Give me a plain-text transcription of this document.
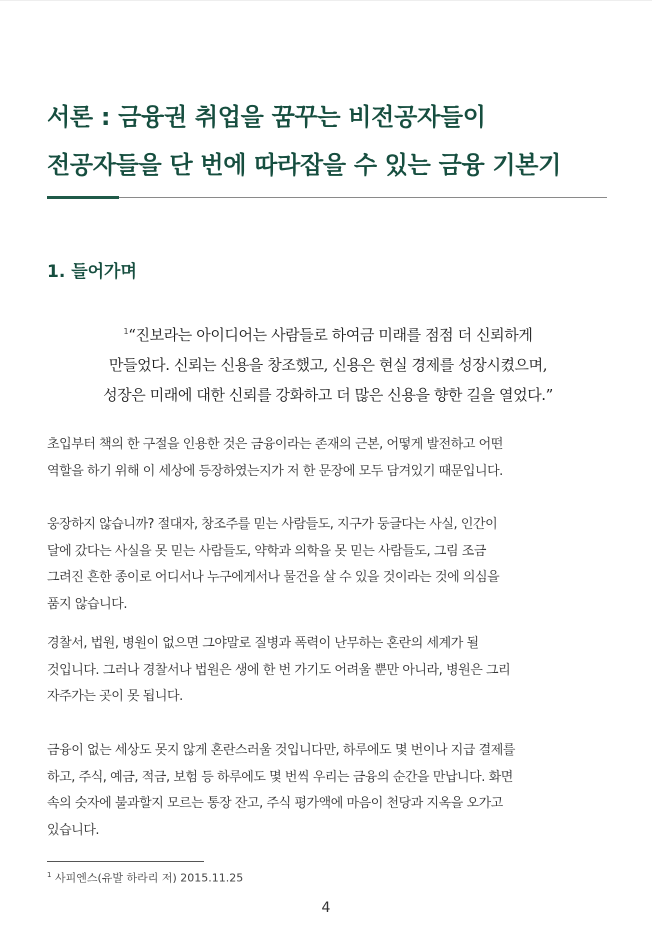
서론 : 금융권 취업을 꿈꾸는 비전공자들이
전공자들을 단 번에 따라잡을 수 있는 금융 기본기
1. 들어가며
$^1$“진보라는 아이디어는 사람들로 하여금 미래를 점점 더 신뢰하게
만들었다. 신뢰는 신용을 창조했고, 신용은 현실 경제를 성장시켰으며,
성장은 미래에 대한 신뢰를 강화하고 더 많은 신용을 향한 길을 열었다.”

초입부터 책의 한 구절을 인용한 것은 금융이라는 존재의 근본, 어떻게 발전하고 어떤
역할을 하기 위해 이 세상에 등장하였는지가 저 한 문장에 모두 담겨있기 때문입니다.

웅장하지 않습니까? 절대자, 창조주를 믿는 사람들도, 지구가 둥글다는 사실, 인간이
달에 갔다는 사실을 못 믿는 사람들도, 약학과 의학을 못 믿는 사람들도, 그림 조금
그려진 흔한 종이로 어디서나 누구에게서나 물건을 살 수 있을 것이라는 것에 의심을
품지 않습니다.

경찰서, 법원, 병원이 없으면 그야말로 질병과 폭력이 난무하는 혼란의 세계가 될
것입니다. 그러나 경찰서나 법원은 생에 한 번 가기도 어려울 뿐만 아니라, 병원은 그리
자주가는 곳이 못 됩니다.

금융이 없는 세상도 못지 않게 혼란스러울 것입니다만, 하루에도 몇 번이나 지급 결제를
하고, 주식, 예금, 적금, 보험 등 하루에도 몇 번씩 우리는 금융의 순간을 만납니다. 화면
속의 숫자에 불과할지 모르는 통장 잔고, 주식 평가액에 마음이 천당과 지옥을 오가고
있습니다.

$^1$ 사피엔스(유발 하라리 저) 2015.11.25

4
